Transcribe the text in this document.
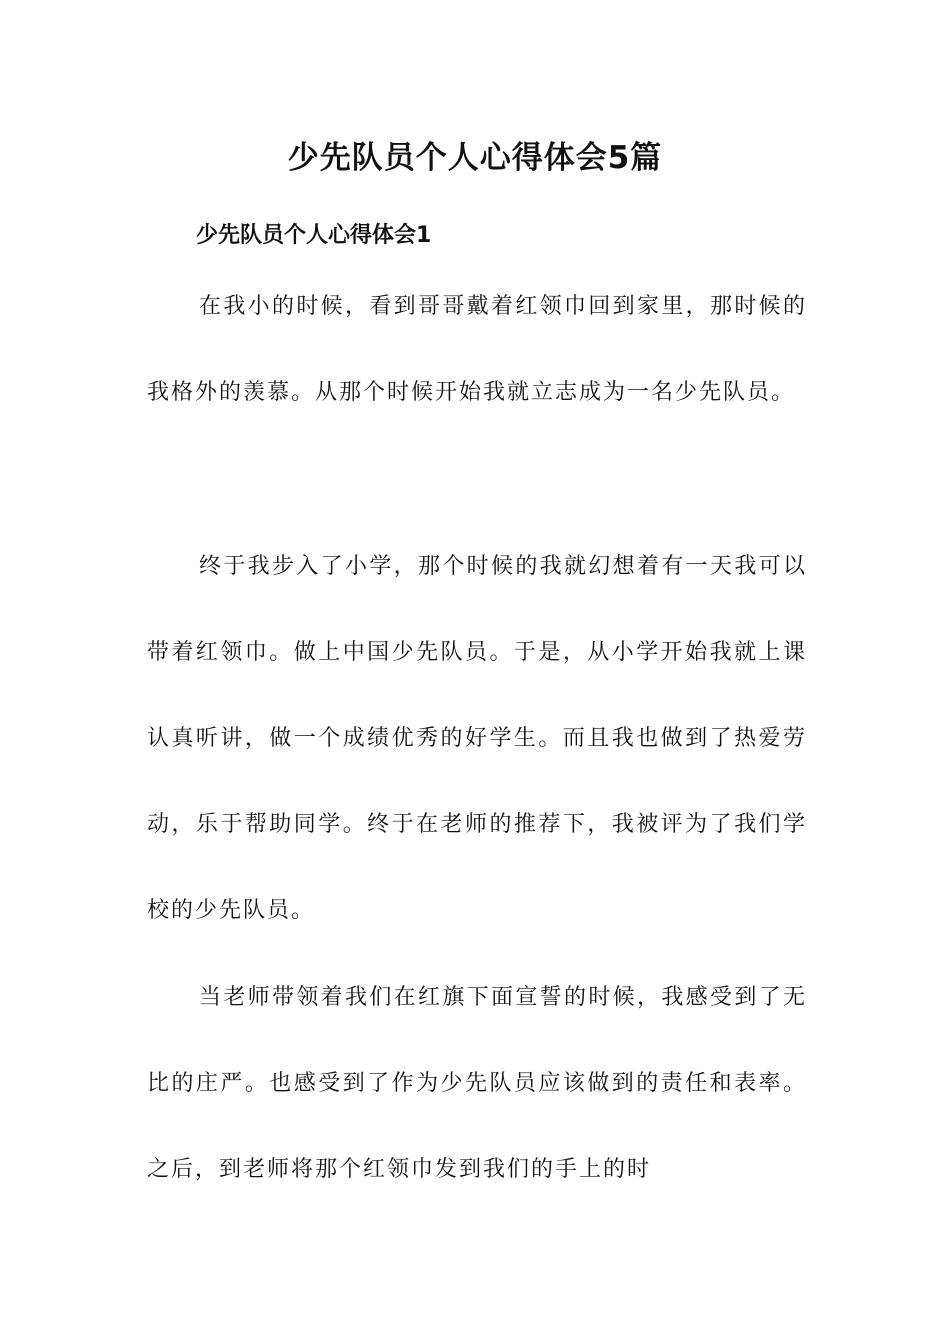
少先队员个人心得体会5篇
少先队员个人心得体会1

在我小的时候，看到哥哥戴着红领巾回到家里，那时候的我格外的羡慕。从那个时候开始我就立志成为一名少先队员。

终于我步入了小学，那个时候的我就幻想着有一天我可以带着红领巾。做上中国少先队员。于是，从小学开始我就上课认真听讲，做一个成绩优秀的好学生。而且我也做到了热爱劳动，乐于帮助同学。终于在老师的推荐下，我被评为了我们学校的少先队员。

当老师带领着我们在红旗下面宣誓的时候，我感受到了无比的庄严。也感受到了作为少先队员应该做到的责任和表率。之后，到老师将那个红领巾发到我们的手上的时
